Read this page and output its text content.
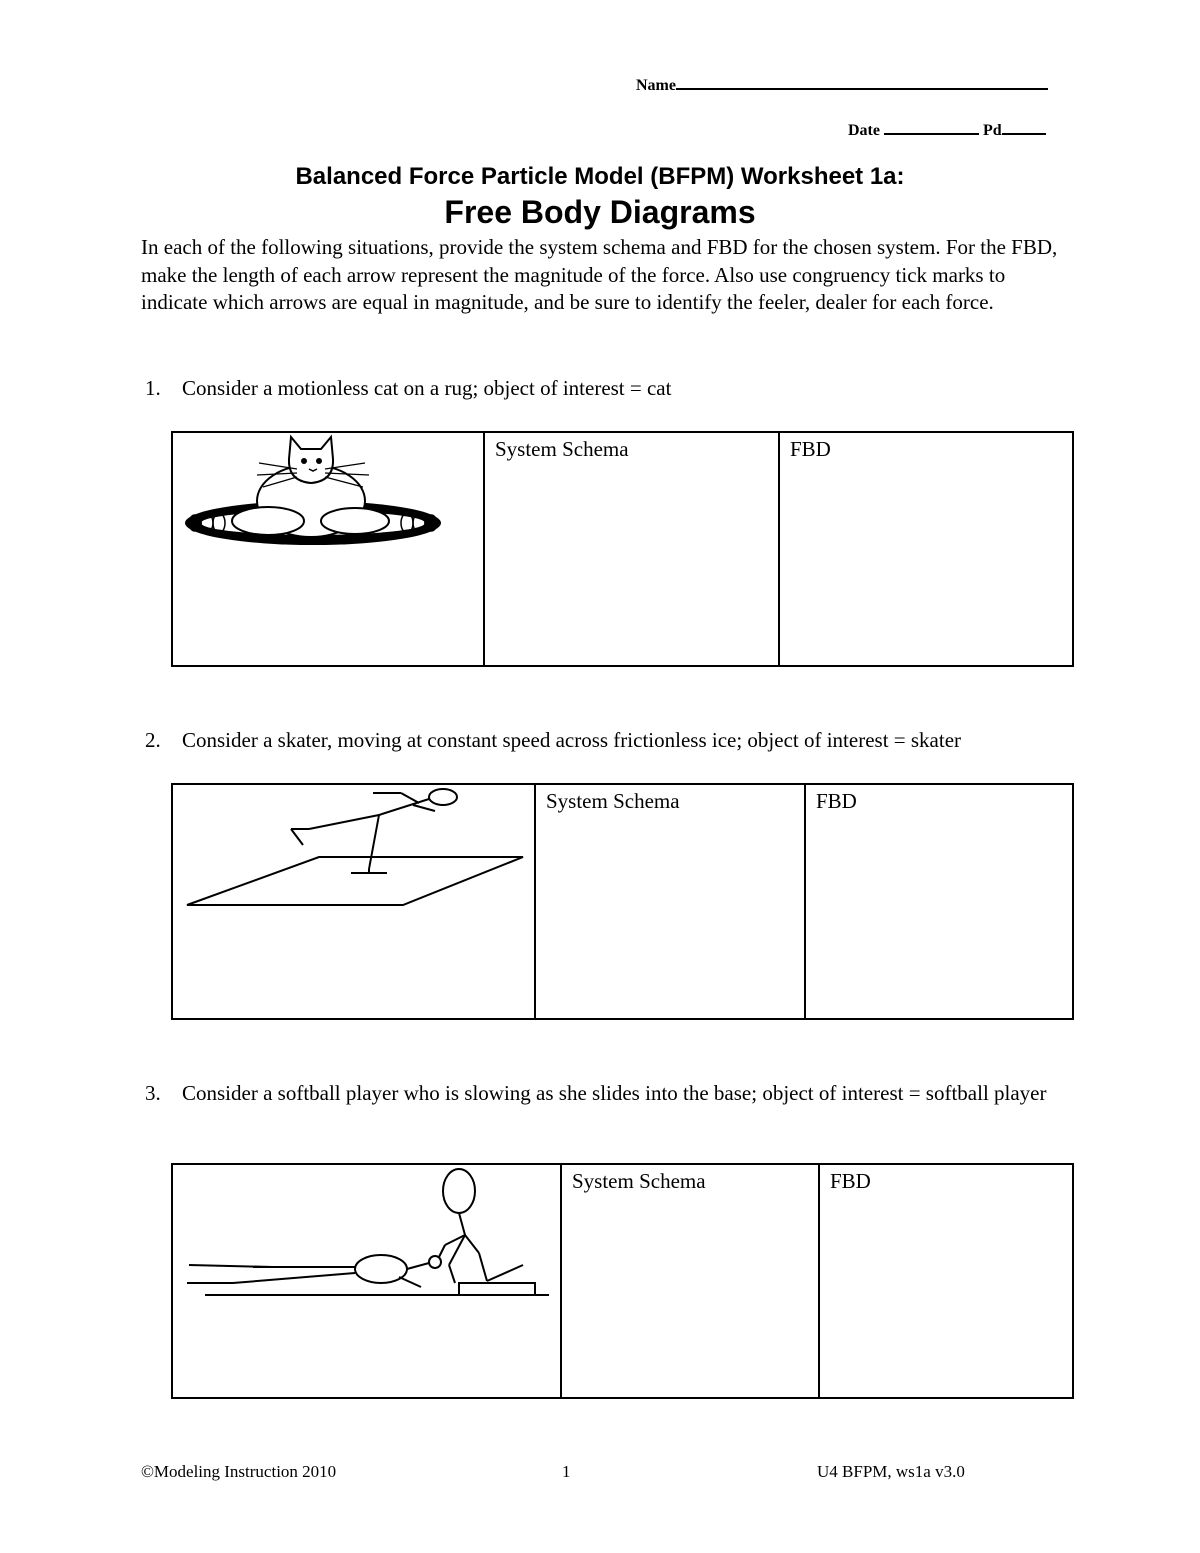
Name
Date	Pd
Balanced Force Particle Model (BFPM) Worksheet 1a:
Free Body Diagrams
In each of the following situations, provide the system schema and FBD for the chosen system. For the FBD, make the length of each arrow represent the magnitude of the force. Also use congruency tick marks to indicate which arrows are equal in magnitude, and be sure to identify the feeler, dealer for each force.
1. Consider a motionless cat on a rug; object of interest = cat

System Schema	FBD
2. Consider a skater, moving at constant speed across frictionless ice; object of interest = skater

System Schema	FBD
3. Consider a softball player who is slowing as she slides into the base; object of interest = softball player

System Schema	FBD
©Modeling Instruction 2010	1	U4 BFPM, ws1a v3.0
